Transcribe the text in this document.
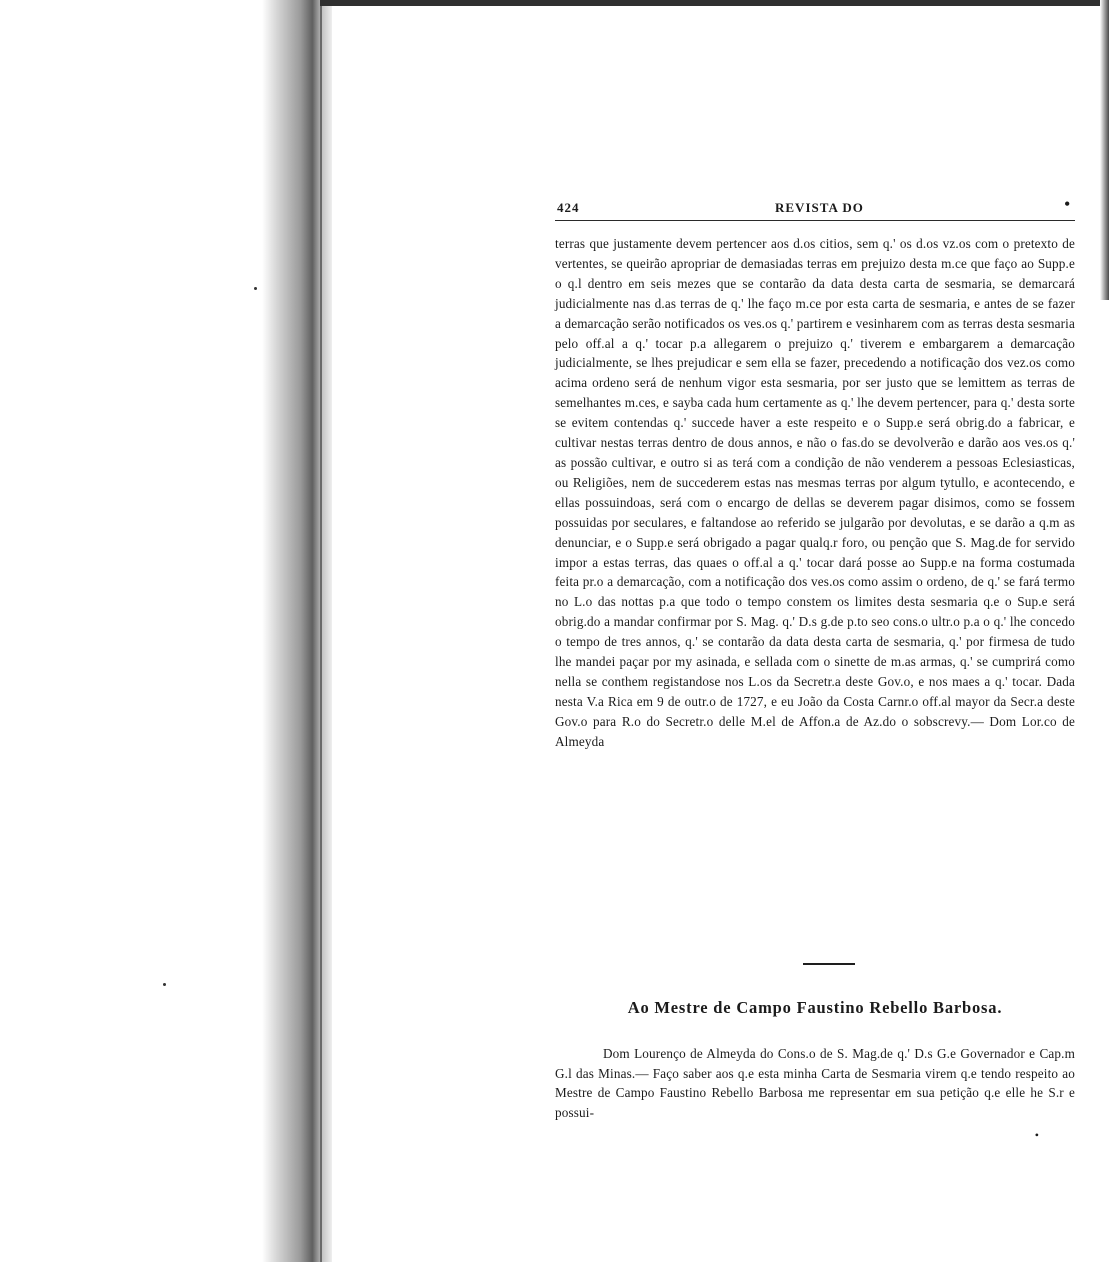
424	REVISTA DO	•

terras que justamente devem pertencer aos d.os citios, sem q.' os d.os vz.os com o pretexto de vertentes, se queirão apropriar de demasiadas terras em prejuizo desta m.ce que faço ao Supp.e o q.l dentro em seis mezes que se contarão da data desta carta de sesmaria, se demarcará judicialmente nas d.as terras de q.' lhe faço m.ce por esta carta de sesmaria, e antes de se fazer a demarcação serão notificados os ves.os q.' partirem e vesinharem com as terras desta sesmaria pelo off.al a q.' tocar p.a allegarem o prejuizo q.' tiverem e embargarem a demarcação judicialmente, se lhes prejudicar e sem ella se fazer, precedendo a notificação dos vez.os como acima ordeno será de nenhum vigor esta sesmaria, por ser justo que se lemittem as terras de semelhantes m.ces, e sayba cada hum certamente as q.' lhe devem pertencer, para q.' desta sorte se evitem contendas q.' succede haver a este respeito e o Supp.e será obrig.do a fabricar, e cultivar nestas terras dentro de dous annos, e não o fas.do se devolverão e darão aos ves.os q.' as possão cultivar, e outro si as terá com a condição de não venderem a pessoas Eclesiasticas, ou Religiões, nem de succederem estas nas mesmas terras por algum tytullo, e acontecendo, e ellas possuindoas, será com o encargo de dellas se deverem pagar disimos, como se fossem possuidas por seculares, e faltandose ao referido se julgarão por devolutas, e se darão a q.m as denunciar, e o Supp.e será obrigado a pagar qualq.r foro, ou penção que S. Mag.de for servido impor a estas terras, das quaes o off.al a q.' tocar dará posse ao Supp.e na forma costumada feita pr.o a demarcação, com a notificação dos ves.os como assim o ordeno, de q.' se fará termo no L.o das nottas p.a que todo o tempo constem os limites desta sesmaria q.e o Sup.e será obrig.do a mandar confirmar por S. Mag. q.' D.s g.de p.to seo cons.o ultr.o p.a o q.' lhe concedo o tempo de tres annos, q.' se contarão da data desta carta de sesmaria, q.' por firmesa de tudo lhe mandei paçar por my asinada, e sellada com o sinette de m.as armas, q.' se cumprirá como nella se conthem registandose nos L.os da Secretr.a deste Gov.o, e nos maes a q.' tocar. Dada nesta V.a Rica em 9 de outr.o de 1727, e eu João da Costa Carnr.o off.al mayor da Secr.a deste Gov.o para R.o do Secretr.o delle M.el de Affon.a de Az.do o sobscrevy.— Dom Lor.co de Almeyda

Ao Mestre de Campo Faustino Rebello Barbosa.

Dom Lourenço de Almeyda do Cons.o de S. Mag.de q.' D.s G.e Governador e Cap.m G.l das Minas.— Faço saber aos q.e esta minha Carta de Sesmaria virem q.e tendo respeito ao Mestre de Campo Faustino Rebello Barbosa me representar em sua petição q.e elle he S.r e possui-

•
